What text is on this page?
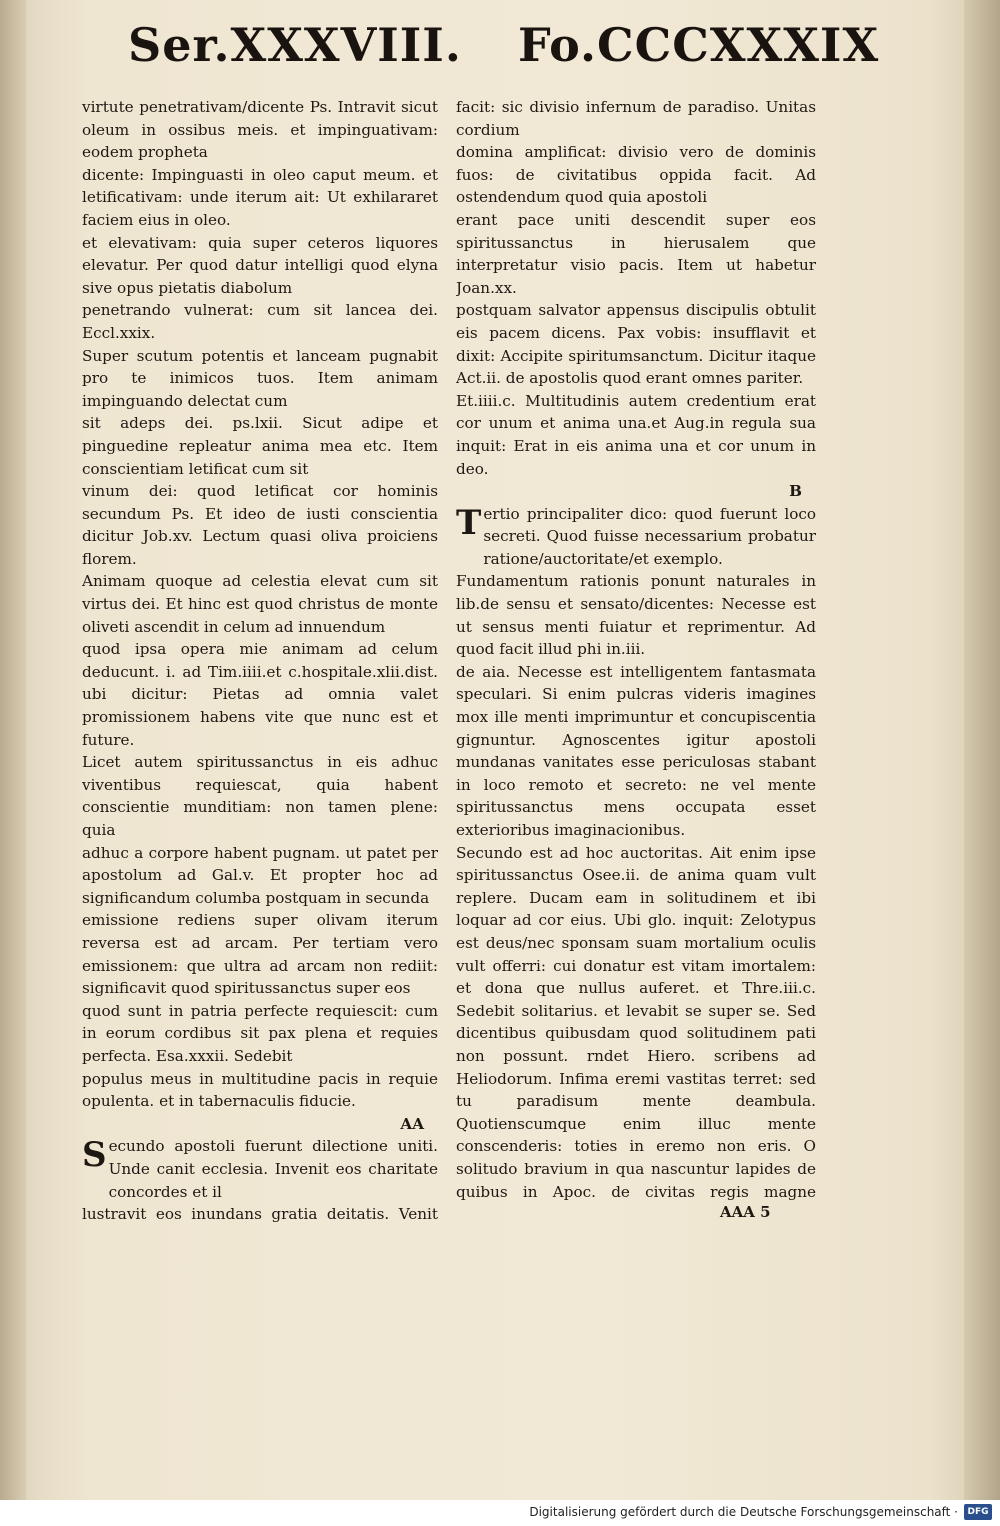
Ser.XXXVIII. Fo.CCCXXXIX
virtute penetrativam/dicente Ps. Intravit sicut oleum in ossibus meis. et impinguativam: eodem propheta
dicente: Impinguasti in oleo caput meum. et letificativam: unde iterum ait: Ut exhilararet faciem eius in oleo.
et elevativam: quia super ceteros liquores elevatur. Per quod datur intelligi quod elyna sive opus pietatis diabolum
penetrando vulnerat: cum sit lancea dei. Eccl.xxix.
Super scutum potentis et lanceam pugnabit pro te inimicos tuos. Item animam impinguando delectat cum
sit adeps dei. ps.lxii. Sicut adipe et pinguedine repleatur anima mea etc. Item conscientiam letificat cum sit
vinum dei: quod letificat cor hominis secundum Ps. Et ideo de iusti conscientia dicitur Job.xv. Lectum quasi oliva proiciens florem.
Animam quoque ad celestia elevat cum sit virtus dei. Et hinc est quod christus de monte oliveti ascendit in celum ad innuendum
quod ipsa opera mie animam ad celum deducunt. i. ad Tim.iiii.et c.hospitale.xlii.dist. ubi dicitur: Pietas ad omnia valet promissionem habens vite que nunc est et future.
Licet autem spiritussanctus in eis adhuc viventibus requiescat, quia habent conscientie munditiam: non tamen plene: quia
adhuc a corpore habent pugnam. ut patet per apostolum ad Gal.v. Et propter hoc ad significandum columba postquam in secunda
emissione rediens super olivam iterum reversa est ad arcam. Per tertiam vero emissionem: que ultra ad arcam non rediit: significavit quod spiritussanctus super eos
quod sunt in patria perfecte requiescit: cum in eorum cordibus sit pax plena et requies perfecta. Esa.xxxii. Sedebit
populus meus in multitudine pacis in requie opulenta. et in tabernaculis fiducie.
AA
S ecundo apostoli fuerunt dilectione uniti. Unde canit ecclesia. Invenit eos charitate concordes et il
lustravit eos inundans gratia deitatis. Venit
facit: sic divisio infernum de paradiso. Unitas cordium
domina amplificat: divisio vero de dominis fuos: de civitatibus oppida facit. Ad ostendendum quod quia apostoli
erant pace uniti descendit super eos spiritussanctus in hierusalem que interpretatur visio pacis. Item ut habetur Joan.xx.
postquam salvator appensus discipulis obtulit eis pacem dicens. Pax vobis: insufflavit et dixit: Accipite spiritumsanctum. Dicitur itaque Act.ii. de apostolis quod erant omnes pariter.
Et.iiii.c. Multitudinis autem credentium erat cor unum et anima una.et Aug.in regula sua inquit: Erat in eis anima una et cor unum in deo.
B
T ertio principaliter dico: quod fuerunt loco secreti. Quod fuisse necessarium probatur ratione/auctoritate/et exemplo.
Fundamentum rationis ponunt naturales in lib.de sensu et sensato/dicentes: Necesse est ut sensus menti fuiatur et reprimentur. Ad quod facit illud phi in.iii.
de aia. Necesse est intelligentem fantasmata speculari. Si enim pulcras videris imagines mox ille menti imprimuntur et concupiscentia gignuntur. Agnoscentes igitur apostoli mundanas vanitates esse periculosas stabant in loco remoto et secreto: ne vel mente spiritussanctus mens occupata esset exterioribus imaginacionibus.
Secundo est ad hoc auctoritas. Ait enim ipse spiritussanctus Osee.ii. de anima quam vult replere. Ducam eam in solitudinem et ibi loquar ad cor eius. Ubi glo. inquit: Zelotypus est deus/nec sponsam suam mortalium oculis vult offerri: cui donatur est vitam imortalem: et dona que nullus auferet. et Thre.iii.c. Sedebit solitarius. et levabit se super se. Sed dicentibus quibusdam quod solitudinem pati non possunt. rndet Hiero. scribens ad Heliodorum. Infima eremi vastitas terret: sed tu paradisum mente deambula. Quotienscumque enim illuc mente conscenderis: toties in eremo non eris. O solitudo bravium in qua nascuntur lapides de quibus in Apoc. de civitas regis magne
AAA 5
Digitalisierung gefördert durch die Deutsche Forschungsgemeinschaft ·	DFG
